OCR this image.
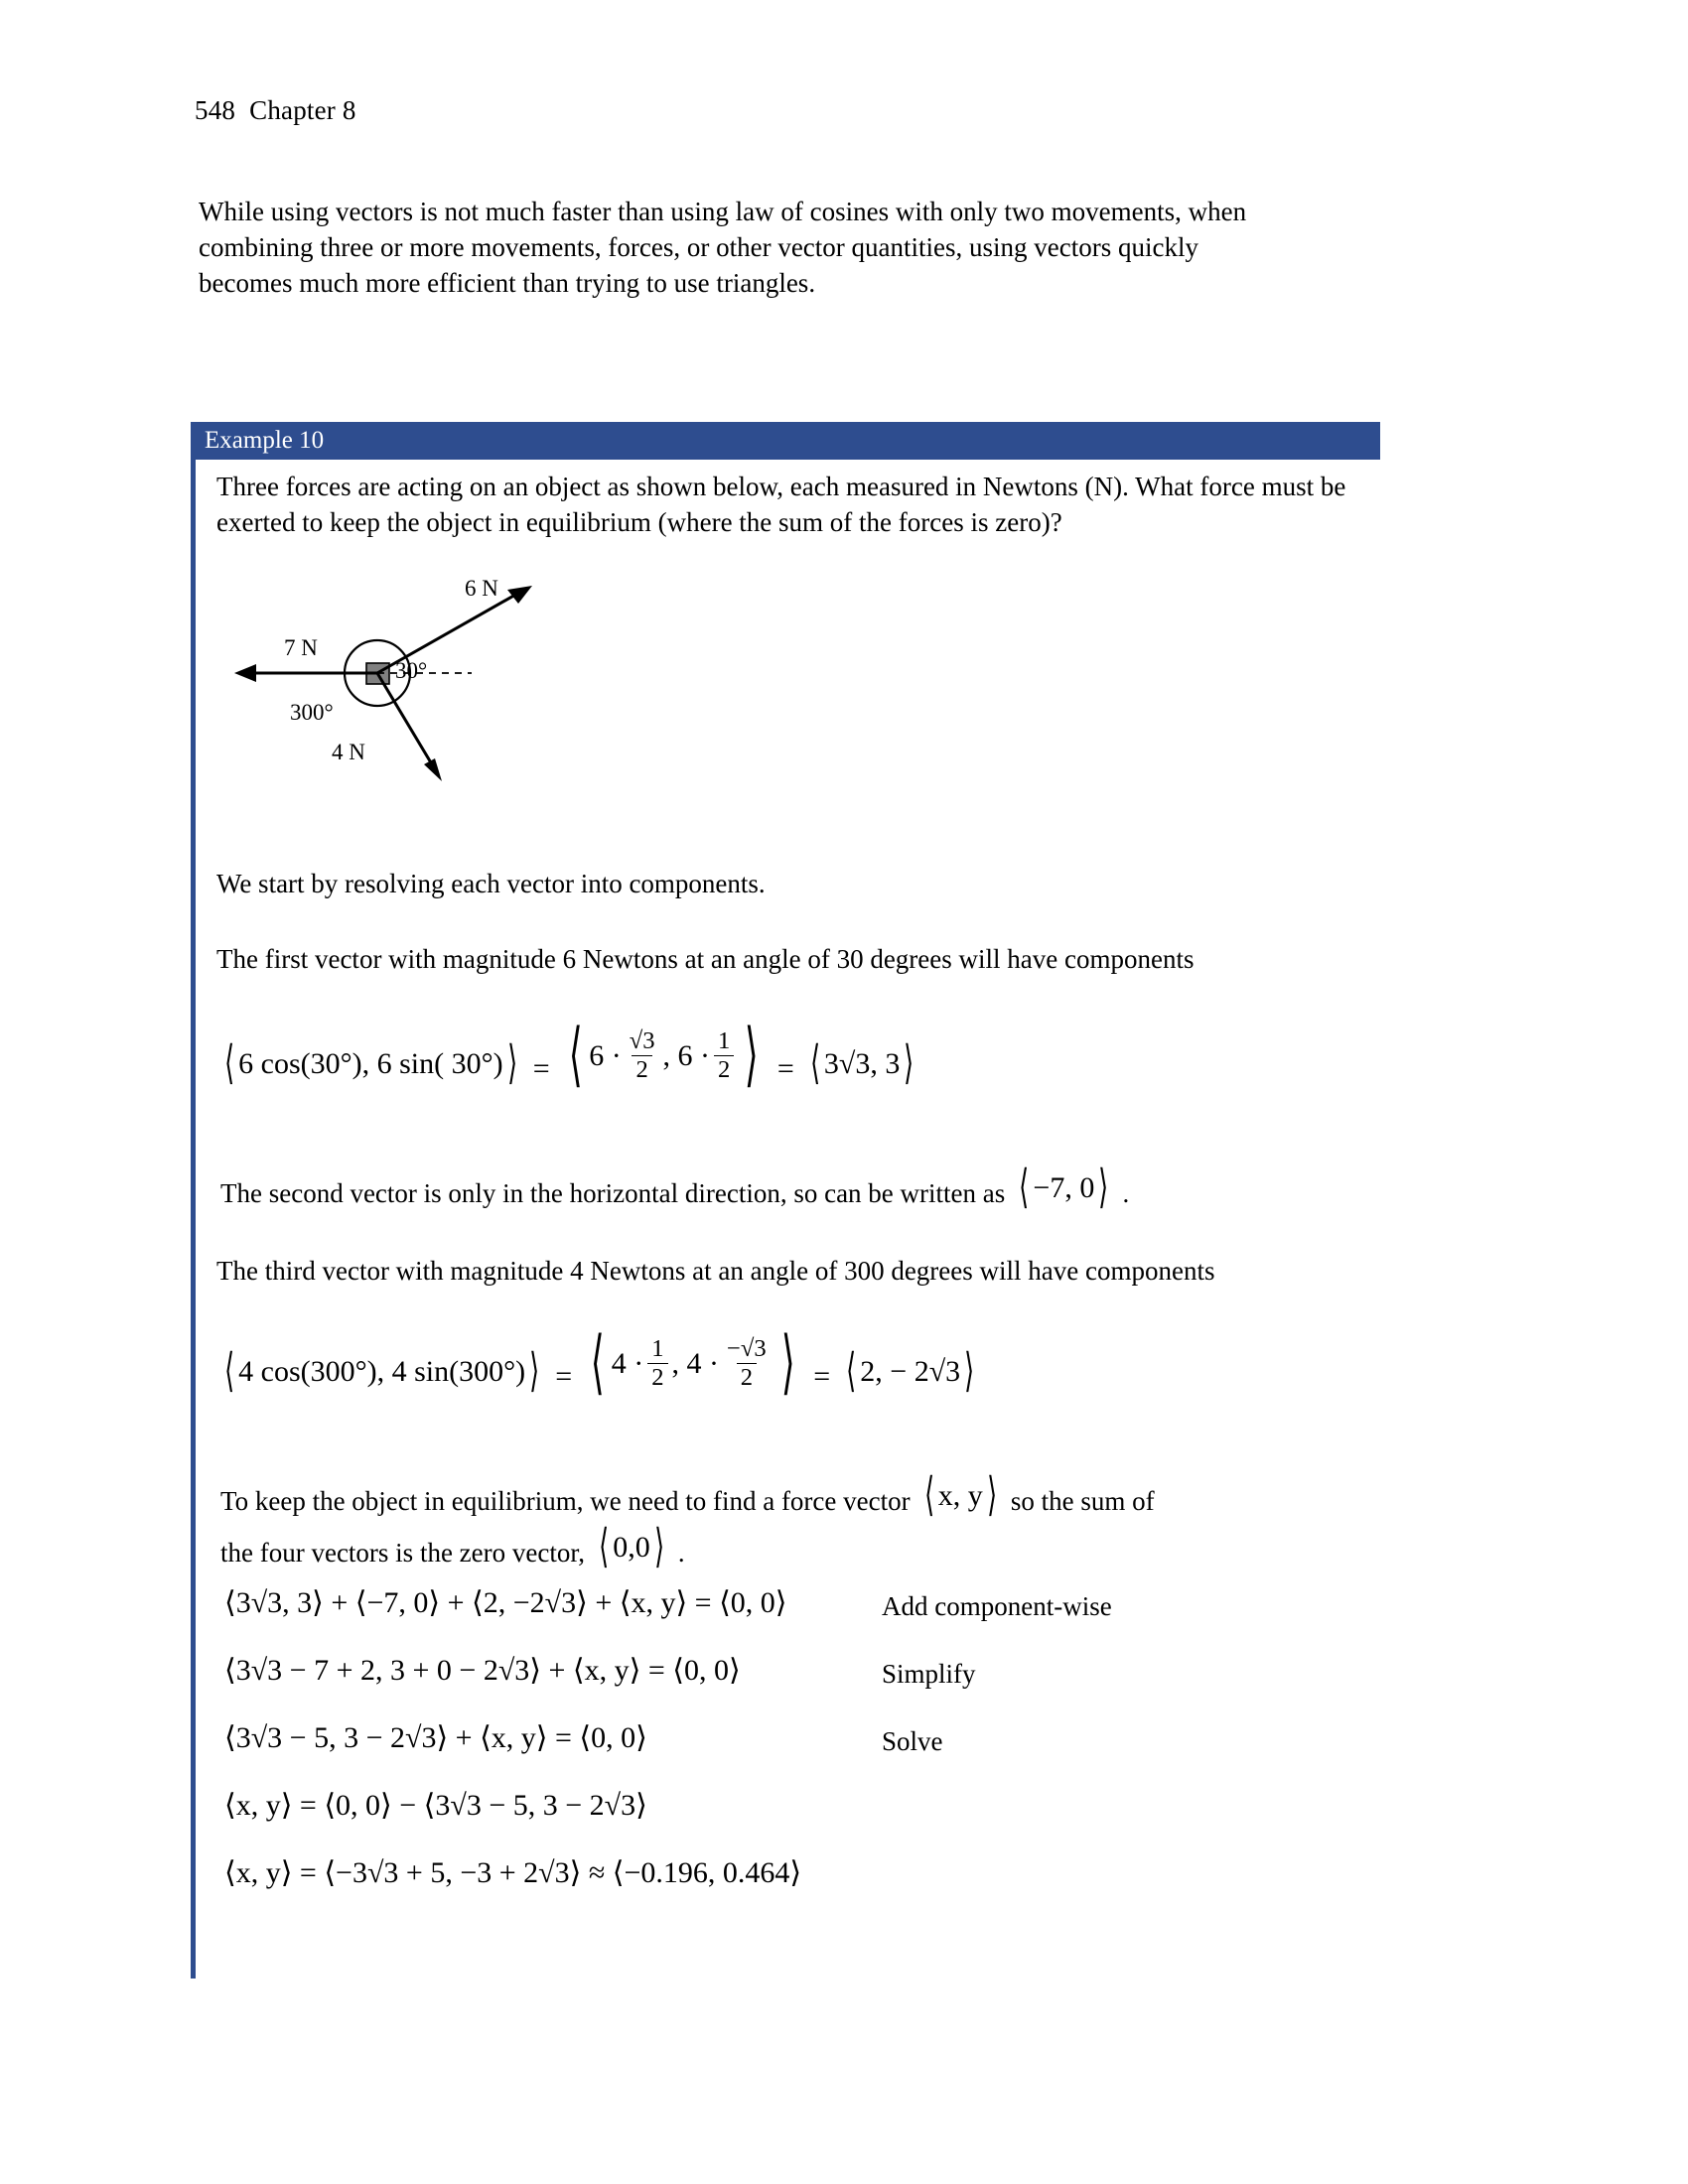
548 Chapter 8
While using vectors is not much faster than using law of cosines with only two movements, when combining three or more movements, forces, or other vector quantities, using vectors quickly becomes much more efficient than trying to use triangles.
Example 10
Three forces are acting on an object as shown below, each measured in Newtons (N). What force must be exerted to keep the object in equilibrium (where the sum of the forces is zero)?
6 N
7 N
30°
300°
4 N
We start by resolving each vector into components.
The first vector with magnitude 6 Newtons at an angle of 30 degrees will have components
⟨ 6 cos(30°) , 6 sin( 30°) ⟩ = ⟨ $6 \cdot \frac{√3}{2}$ , $6 \cdot \frac{1}{2}$ ⟩ = ⟨ 3√3 , 3 ⟩
The second vector is only in the horizontal direction, so can be written as ⟨ −7, 0 ⟩ .
The third vector with magnitude 4 Newtons at an angle of 300 degrees will have components
⟨ 4 cos(300°) , 4 sin(300°) ⟩ = ⟨ $4 \cdot \frac{1}{2}$ , $4 \cdot \frac{-√3}{2}$ ⟩ = ⟨ 2 , − 2√3 ⟩
To keep the object in equilibrium, we need to find a force vector ⟨ x, y ⟩ so the sum of
the four vectors is the zero vector, ⟨ 0,0 ⟩ .
⟨3√3, 3⟩ + ⟨−7, 0⟩ + ⟨2, −2√3⟩ + ⟨x, y⟩ = ⟨0, 0⟩	Add component-wise
⟨3√3 − 7 + 2, 3 + 0 − 2√3⟩ + ⟨x, y⟩ = ⟨0, 0⟩	Simplify
⟨3√3 − 5, 3 − 2√3⟩ + ⟨x, y⟩ = ⟨0, 0⟩	Solve
⟨x, y⟩ = ⟨0, 0⟩ − ⟨3√3 − 5, 3 − 2√3⟩
⟨x, y⟩ = ⟨−3√3 + 5, −3 + 2√3⟩ ≈ ⟨−0.196, 0.464⟩
